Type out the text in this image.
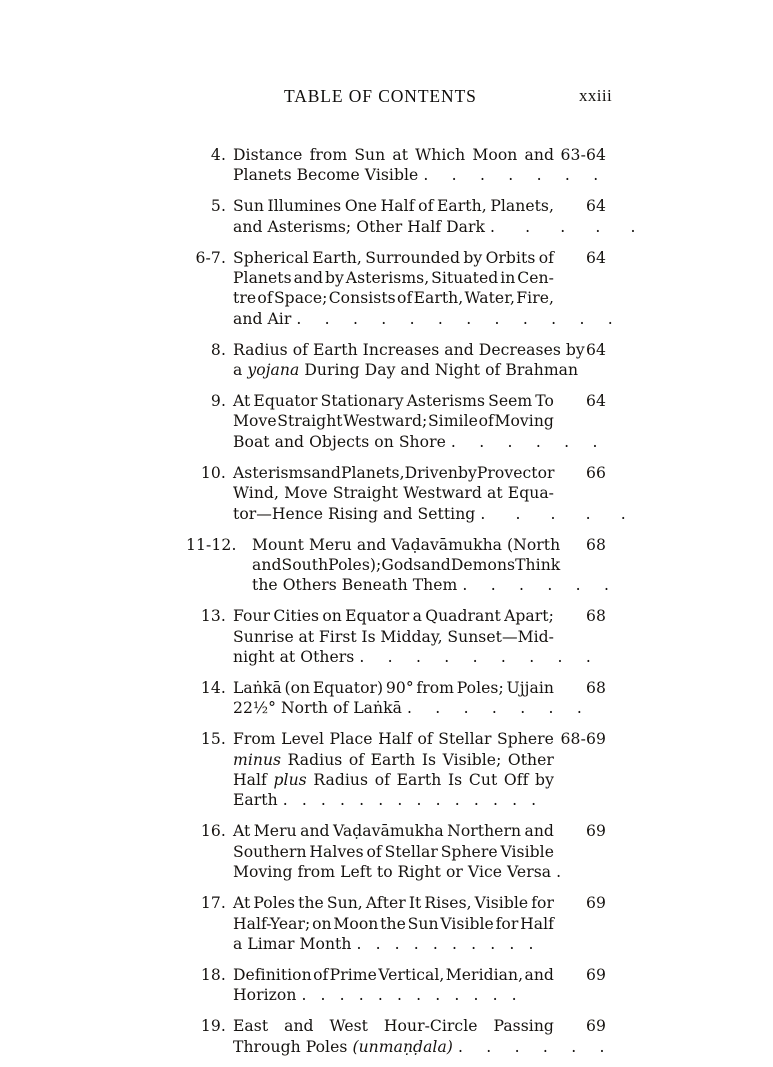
TABLE OF CONTENTS	xxiii
4. Distance from Sun at Which Moon and
Planets Become Visible . . . . . . .
63-64
5. Sun Illumines One Half of Earth, Planets,
and Asterisms; Other Half Dark . . . . .
64
6-7. Spherical Earth, Surrounded by Orbits of
Planets and by Asterisms, Situated in Cen-
tre of Space; Consists of Earth, Water, Fire,
and Air . . . . . . . . . . . .
64
8. Radius of Earth Increases and Decreases by
a yojana During Day and Night of Brahman
64
9. At Equator Stationary Asterisms Seem To
Move Straight Westward; Simile of Moving
Boat and Objects on Shore . . . . . .
64
10. Asterisms and Planets, Driven by Provector
Wind, Move Straight Westward at Equa-
tor—Hence Rising and Setting . . . . .
66
11-12. Mount Meru and Vaḍavāmukha (North
and South Poles); Gods and Demons Think
the Others Beneath Them . . . . . .
68
13. Four Cities on Equator a Quadrant Apart;
Sunrise at First Is Midday, Sunset—Mid-
night at Others . . . . . . . . .
68
14. Laṅkā (on Equator) 90° from Poles; Ujjain
22½° North of Laṅkā . . . . . . .
68
15. From Level Place Half of Stellar Sphere
minus Radius of Earth Is Visible; Other
Half plus Radius of Earth Is Cut Off by
Earth . . . . . . . . . . . . . .
68-69
16. At Meru and Vaḍavāmukha Northern and
Southern Halves of Stellar Sphere Visible
Moving from Left to Right or Vice Versa .
69
17. At Poles the Sun, After It Rises, Visible for
Half-Year; on Moon the Sun Visible for Half
a Limar Month . . . . . . . . . .
69
18. Definition of Prime Vertical, Meridian, and
Horizon . . . . . . . . . . . .
69
19. East and West Hour-Circle Passing
Through Poles (unmaṇḍala) . . . . . .
69
